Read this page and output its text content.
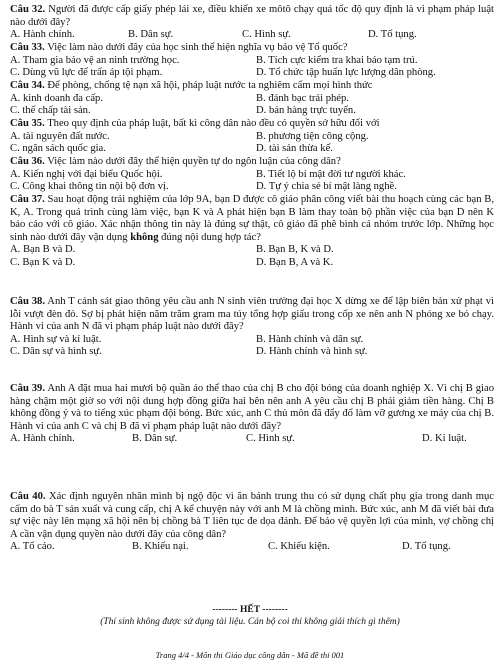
Câu 32. Người đã được cấp giấy phép lái xe, điều khiển xe môtô chạy quá tốc độ quy định là vi phạm pháp luật nào dưới đây?
A. Hành chính.	B. Dân sự.	C. Hình sự.	D. Tố tụng.
Câu 33. Việc làm nào dưới đây của học sinh thể hiện nghĩa vụ bảo vệ Tổ quốc?
A. Tham gia bảo vệ an ninh trường học.	B. Tích cực kiểm tra khai báo tạm trú.
C. Dùng vũ lực để trấn áp tội phạm.	D. Tổ chức tập huấn lực lượng dân phòng.
Câu 34. Để phòng, chống tệ nạn xã hội, pháp luật nước ta nghiêm cấm mọi hình thức
A. kinh doanh đa cấp.	B. đánh bạc trái phép.
C. thế chấp tài sản.	D. bán hàng trực tuyến.
Câu 35. Theo quy định của pháp luật, bất kì công dân nào đều có quyền sở hữu đối với
A. tài nguyên đất nước.	B. phương tiện công cộng.
C. ngân sách quốc gia.	D. tài sản thừa kế.
Câu 36. Việc làm nào dưới đây thể hiện quyền tự do ngôn luận của công dân?
A. Kiến nghị với đại biểu Quốc hội.	B. Tiết lộ bí mật đời tư người khác.
C. Công khai thông tin nội bộ đơn vị.	D. Tự ý chia sẻ bí mật làng nghề.
Câu 37. Sau hoạt động trải nghiệm của lớp 9A, bạn D được cô giáo phân công viết bài thu hoạch cùng các bạn B, K, A. Trong quá trình cùng làm việc, bạn K và A phát hiện bạn B làm thay toàn bộ phần việc của bạn D nên K báo cáo với cô giáo. Xác nhận thông tin này là đúng sự thật, cô giáo đã phê bình cả nhóm trước lớp. Những học sinh nào dưới đây vận dụng không đúng nội dung hợp tác?
A. Bạn B và D.	B. Bạn B, K và D.
C. Bạn K và D.	D. Bạn B, A và K.
Câu 38. Anh T cảnh sát giao thông yêu cầu anh N sinh viên trường đại học X dừng xe để lập biên bản xử phạt vì lỗi vượt đèn đỏ. Sợ bị phát hiện năm trăm gram ma túy tổng hợp giấu trong cốp xe nên anh N phóng xe bỏ chạy. Hành vi của anh N đã vi phạm pháp luật nào dưới đây?
A. Hình sự và kỉ luật.	B. Hành chính và dân sự.
C. Dân sự và hình sự.	D. Hành chính và hình sự.
Câu 39. Anh A đặt mua hai mươi bộ quần áo thể thao của chị B cho đội bóng của doanh nghiệp X. Vì chị B giao hàng chậm một giờ so với nội dung hợp đồng giữa hai bên nên anh A yêu cầu chị B phải giảm tiền hàng. Chị B không đồng ý và to tiếng xúc phạm đội bóng. Bức xúc, anh C thủ môn đã đẩy đổ làm vỡ gương xe máy của chị B. Hành vi của anh C và chị B đã vi phạm pháp luật nào dưới đây?
A. Hành chính.	B. Dân sự.	C. Hình sự.	D. Kỉ luật.
Câu 40. Xác định nguyên nhân mình bị ngộ độc vì ăn bánh trung thu có sử dụng chất phụ gia trong danh mục cấm do bà T sản xuất và cung cấp, chị A kể chuyện này với anh M là chồng mình. Bức xúc, anh M đã viết bài đưa sự việc này lên mạng xã hội nên bị chồng bà T liên tục đe dọa đánh. Để bảo vệ quyền lợi của mình, vợ chồng chị A cần vận dụng quyền nào dưới đây của công dân?
A. Tố cáo.	B. Khiếu nại.	C. Khiếu kiện.	D. Tố tụng.
-------- HẾT --------
(Thí sinh không được sử dụng tài liệu. Cán bộ coi thi không giải thích gì thêm)
Trang 4/4 - Môn thi Giáo dục công dân - Mã đề thi 001
